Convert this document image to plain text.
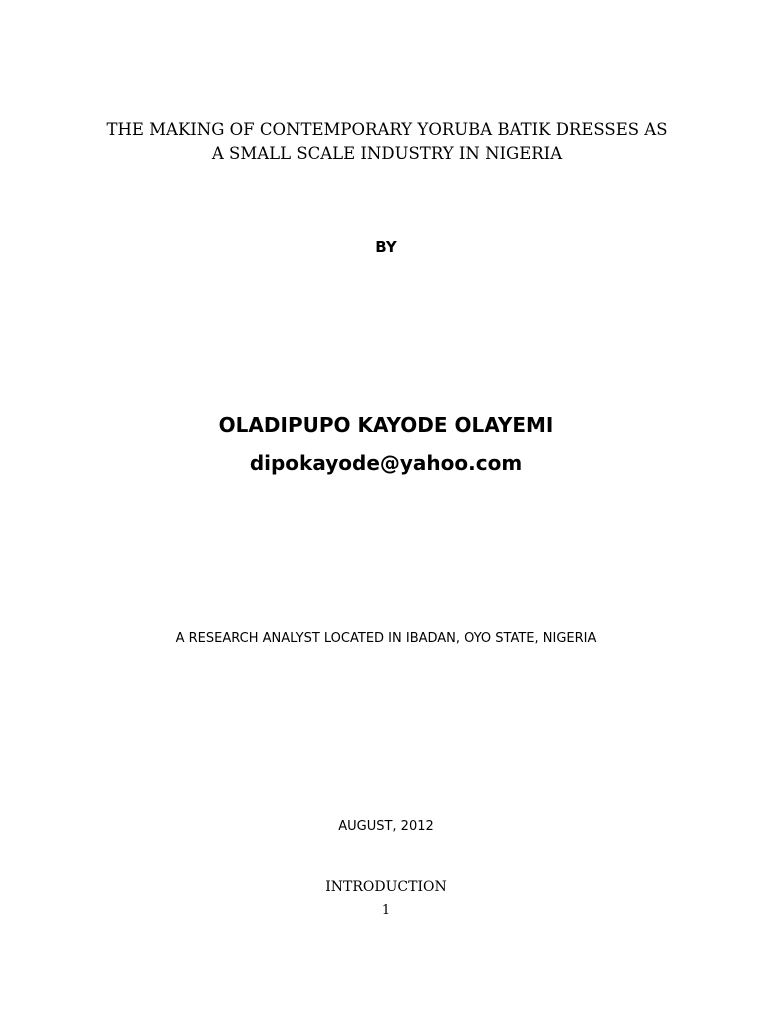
THE MAKING OF CONTEMPORARY YORUBA BATIK DRESSES AS
A SMALL SCALE INDUSTRY IN NIGERIA
BY
OLADIPUPO KAYODE OLAYEMI
dipokayode@yahoo.com
A RESEARCH ANALYST LOCATED IN IBADAN, OYO STATE, NIGERIA
AUGUST, 2012
INTRODUCTION
1
